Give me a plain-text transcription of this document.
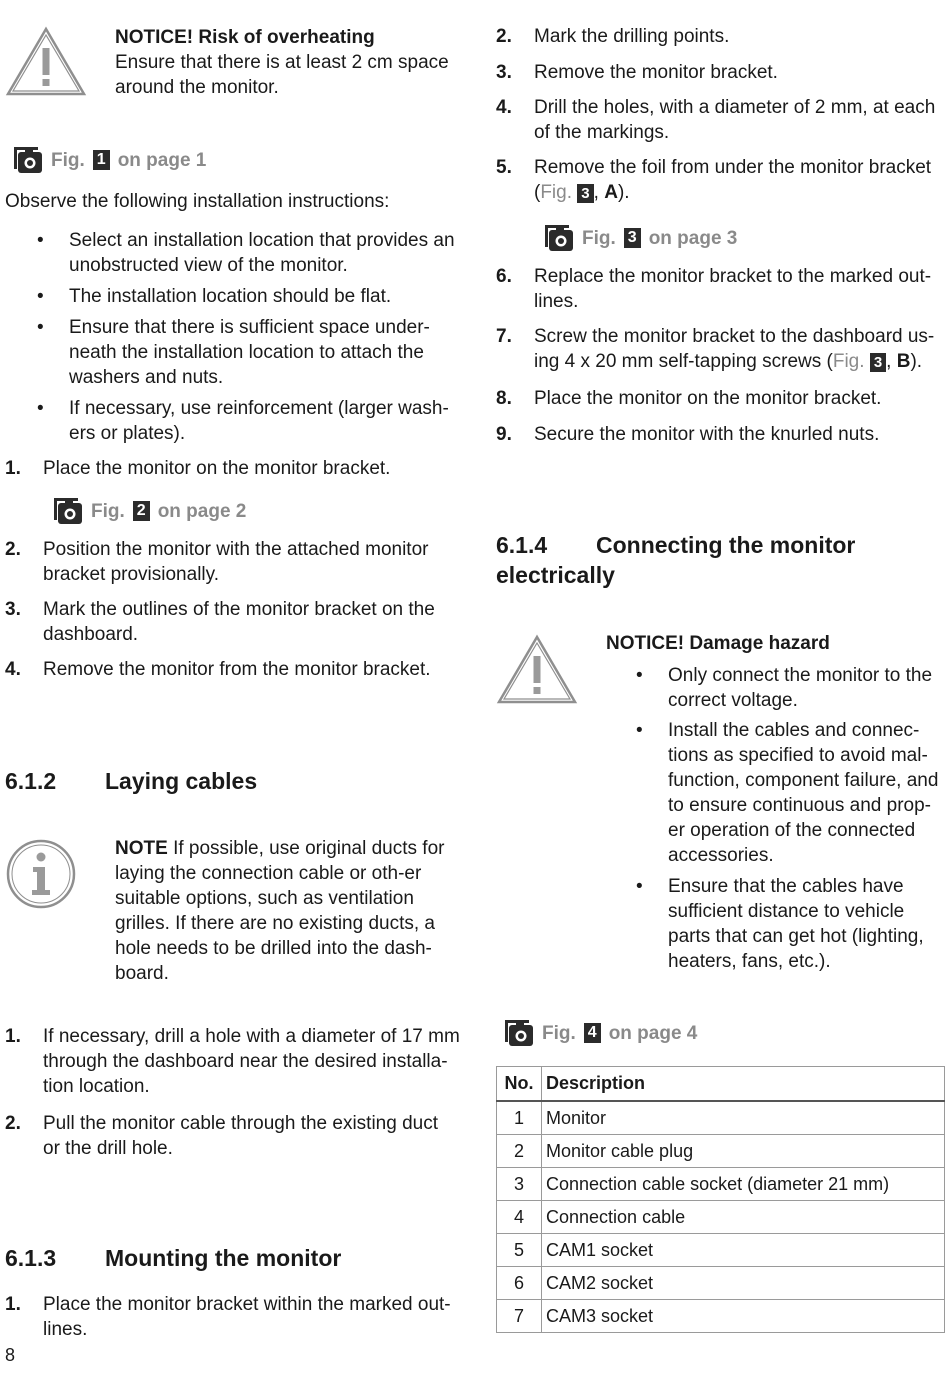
NOTICE! Risk of overheating
Ensure that there is at least 2 cm space
around the monitor.
Fig. 1 on page 1
Observe the following installation instructions:
• Select an installation location that provides an unobstructed view of the monitor.
• The installation location should be flat.
• Ensure that there is sufficient space under-neath the installation location to attach the washers and nuts.
• If necessary, use reinforcement (larger wash-ers or plates).
1. Place the monitor on the monitor bracket.
Fig. 2 on page 2
2. Position the monitor with the attached monitor bracket provisionally.
3. Mark the outlines of the monitor bracket on the dashboard.
4. Remove the monitor from the monitor bracket.
6.1.2 Laying cables
NOTE If possible, use original ducts for laying the connection cable or oth-er suitable options, such as ventilation grilles. If there are no existing ducts, a hole needs to be drilled into the dash-board.
1. If necessary, drill a hole with a diameter of 17 mm through the dashboard near the desired installa-tion location.
2. Pull the monitor cable through the existing duct or the drill hole.
6.1.3 Mounting the monitor
1. Place the monitor bracket within the marked out-lines.
8
2. Mark the drilling points.
3. Remove the monitor bracket.
4. Drill the holes, with a diameter of 2 mm, at each of the markings.
5. Remove the foil from under the monitor bracket
(Fig. 3 , A).
Fig. 3 on page 3
6. Replace the monitor bracket to the marked out-lines.
7. Screw the monitor bracket to the dashboard us-
ing 4 x 20 mm self-tapping screws (Fig. 3 , B).
8. Place the monitor on the monitor bracket.
9. Secure the monitor with the knurled nuts.
6.1.4 Connecting the monitor
electrically
NOTICE! Damage hazard
• Only connect the monitor to the correct voltage.
• Install the cables and connec-tions as specified to avoid mal-function, component failure, and to ensure continuous and prop-er operation of the connected accessories.
• Ensure that the cables have sufficient distance to vehicle parts that can get hot (lighting, heaters, fans, etc.).
Fig. 4 on page 4
No.	Description
1	Monitor
2	Monitor cable plug
3	Connection cable socket (diameter 21 mm)
4	Connection cable
5	CAM1 socket
6	CAM2 socket
7	CAM3 socket
